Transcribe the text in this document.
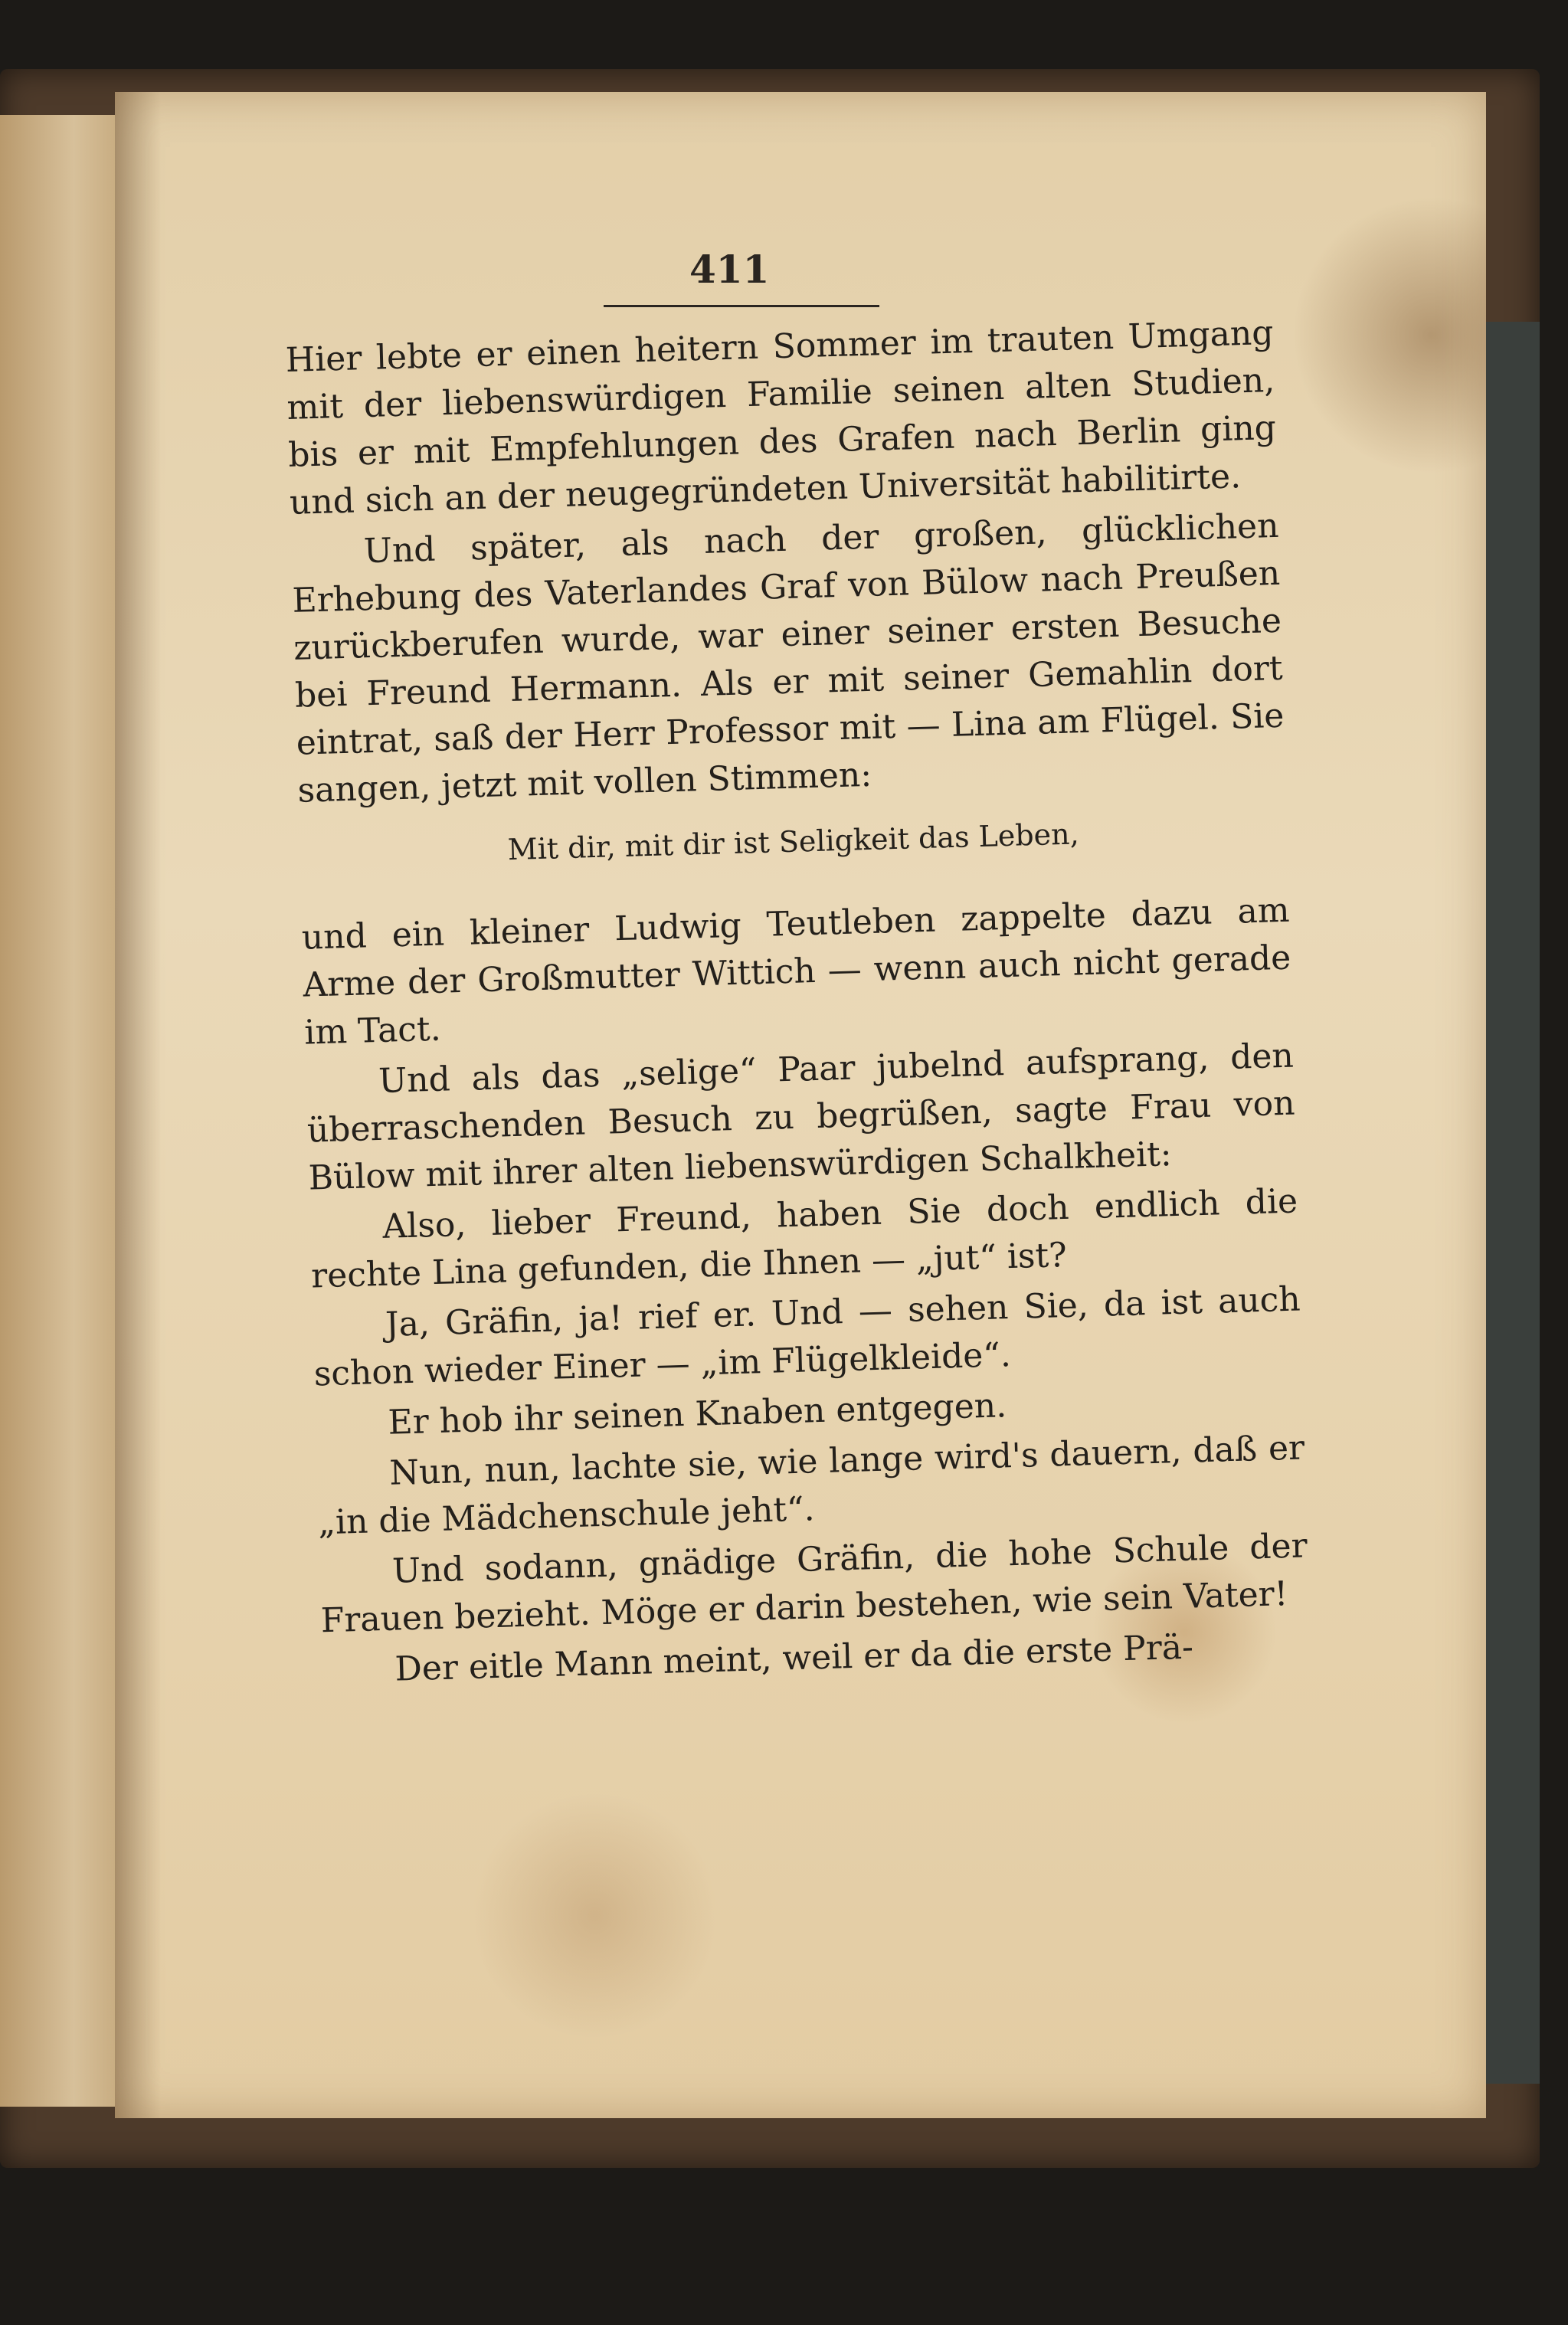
411

Hier lebte er einen heitern Sommer im trauten Umgang mit der liebenswürdigen Familie seinen alten Studien, bis er mit Empfehlungen des Grafen nach Berlin ging und sich an der neugegründeten Universität habilitirte.

Und später, als nach der großen, glücklichen Erhebung des Vaterlandes Graf von Bülow nach Preußen zurückberufen wurde, war einer seiner ersten Besuche bei Freund Hermann. Als er mit seiner Gemahlin dort eintrat, saß der Herr Professor mit — Lina am Flügel. Sie sangen, jetzt mit vollen Stimmen:

Mit dir, mit dir ist Seligkeit das Leben,

und ein kleiner Ludwig Teutleben zappelte dazu am Arme der Großmutter Wittich — wenn auch nicht gerade im Tact.

Und als das „selige“ Paar jubelnd aufsprang, den überraschenden Besuch zu begrüßen, sagte Frau von Bülow mit ihrer alten liebenswürdigen Schalkheit:

Also, lieber Freund, haben Sie doch endlich die rechte Lina gefunden, die Ihnen — „jut“ ist?

Ja, Gräfin, ja! rief er. Und — sehen Sie, da ist auch schon wieder Einer — „im Flügelkleide“.

Er hob ihr seinen Knaben entgegen.

Nun, nun, lachte sie, wie lange wird's dauern, daß er „in die Mädchenschule jeht“.

Und sodann, gnädige Gräfin, die hohe Schule der Frauen bezieht. Möge er darin bestehen, wie sein Vater!

Der eitle Mann meint, weil er da die erste Prä-
